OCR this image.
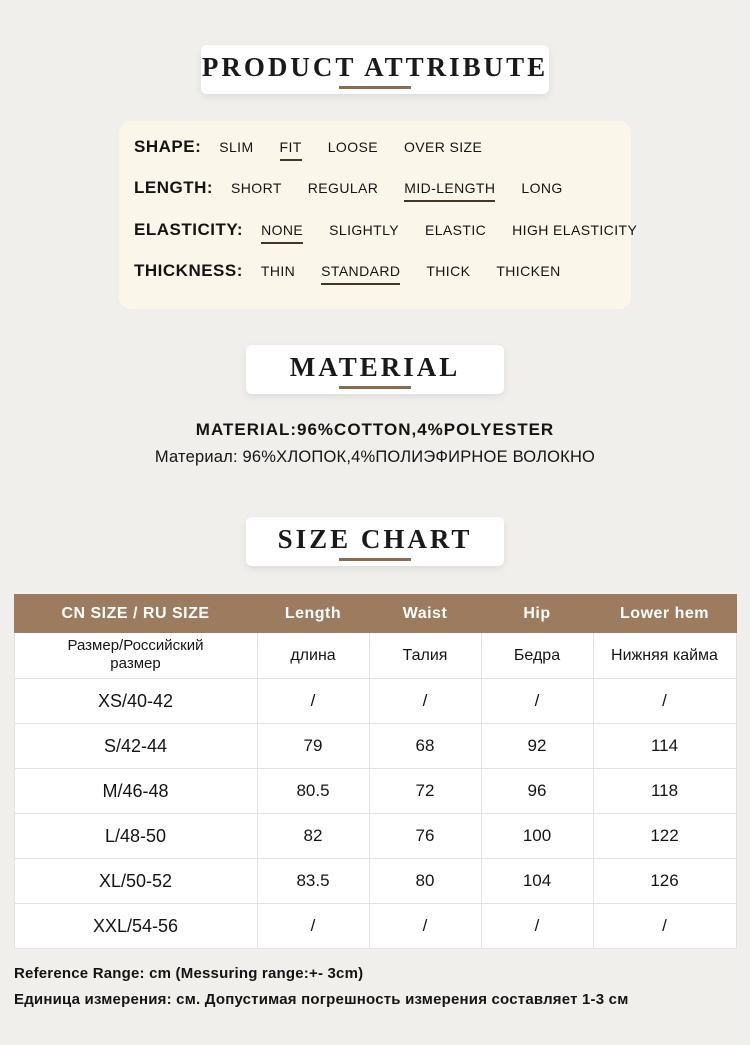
PRODUCT ATTRIBUTE
SHAPE: SLIM FIT LOOSE OVER SIZE
LENGTH: SHORT REGULAR MID-LENGTH LONG
ELASTICITY: NONE SLIGHTLY ELASTIC HIGH ELASTICITY
THICKNESS: THIN STANDARD THICK THICKEN
MATERIAL
MATERIAL:96%COTTON,4%POLYESTER
Материал: 96%ХЛОПОК,4%ПОЛИЭФИРНОЕ ВОЛОКНО
SIZE CHART
CN SIZE / RU SIZE	Length	Waist	Hip	Lower hem
Размер/Российский размер	длина	Талия	Бедра	Нижняя кайма
XS/40-42	/	/	/	/
S/42-44	79	68	92	114
M/46-48	80.5	72	96	118
L/48-50	82	76	100	122
XL/50-52	83.5	80	104	126
XXL/54-56	/	/	/	/
Reference Range: cm (Messuring range:+- 3cm)
Единица измерения: см. Допустимая погрешность измерения составляет 1-3 см
